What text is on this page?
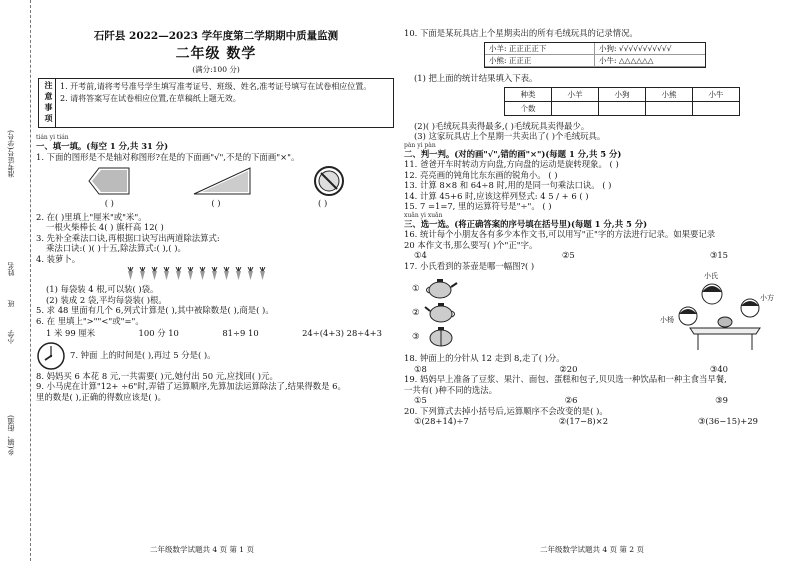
准考证号(学号)
姓名
班
小学
乡(镇、街道)
石阡县 2022—2023 学年度第二学期期中质量监测
二年级 数学
(满分:100 分)
注意事项 1. 开考前,请将考号准号学生填写准考证号、班级、姓名,准考证号填写在试卷相应位置。
2. 请将答案写在试卷相应位置,在草稿纸上题无效。
tián yi tián

一、填一填。(每空 1 分,共 31 分)

1. 下面的图形是不是轴对称图形?在是的下面画"√",不是的下面画"×"。

( )	( )	( )

2. 在( )里填上"厘米"或"米"。

一根火柴棒长 4( ) 旗杆高 12( )

3. 先补全乘法口诀,再根据口诀写出两道除法算式:

乘法口诀:( )( )十五,除法算式:( ),( )。

4. 装萝卜。

(1) 每袋装 4 根,可以装( )袋。

(2) 装成 2 袋,平均每袋装( )根。

5. 求 48 里面有几个 6,列式计算是( ),其中被除数是( ),商是( )。

6. 在 里填上">""<"或"="。

1 米 99 厘米	100 分 10	81÷9 10	24÷(4+3) 28÷4+3

7. 钟面 上的时间是( ),再过 5 分是( )。

8. 妈妈买 6 本花 8 元,一共需要( )元,她付出 50 元,应找回( )元。

9. 小马虎在计算"12+ ÷6"时,弄错了运算顺序,先算加法运算除法了,结果得数是 6。

里的数是( ),正确的得数应该是( )。

二年级数学试题共 4 页 第 1 页

10. 下面是某玩具店上个星期卖出的所有毛绒玩具的记录情况。

小羊: 正正正正下	小狗: √√√√√√√√√√√
小熊: 正正正	小牛: △△△△△△

(1) 把上面的统计结果填入下表。

种类	小羊	小狗	小熊	小牛
个数				

(2)( )毛绒玩具卖得最多,( )毛绒玩具卖得最少。

(3) 这家玩具店上个星期一共卖出了( )个毛绒玩具。

pàn yi pàn

二、判一判。(对的画"√",错的画"×")(每题 1 分,共 5 分)

11. 爸爸开车时转动方向盘,方向盘的运动是旋转现象。 ( )

12. 亮亮画的钝角比东东画的锐角小。 ( )

13. 计算 8×8 和 64÷8 时,用的是同一句乘法口诀。 ( )

14. 计算 45+6 时,应该这样列竖式: 4 5 / + 6 ( )

15. 7 =1=7, 里的运算符号是"÷"。 ( )

xuǎn yi xuǎn

三、选一选。(将正确答案的序号填在括号里)(每题 1 分,共 5 分)

16. 统计每个小朋友各有多少本作文书,可以用写"正"字的方法进行记录。如果要记录

20 本作文书,那么要写( )个"正"字。

①4	②5	③15

17. 小氏看到的茶壶是哪一幅图?( )

①
②
③
小氏
小方
小杨

18. 钟面上的分针从 12 走到 8,走了( )分。

①8	②20	③40

19. 妈妈早上准备了豆浆、果汁、面包、蛋糕和包子,贝贝选一种饮品和一种主食当早餐,

一共有( )种不同的选法。

①5	②6	③9

20. 下列算式去掉小括号后,运算顺序不会改变的是( )。

①(28+14)÷7	②(17−8)×2	③(36−15)+29
二年级数学试题共 4 页 第 2 页
